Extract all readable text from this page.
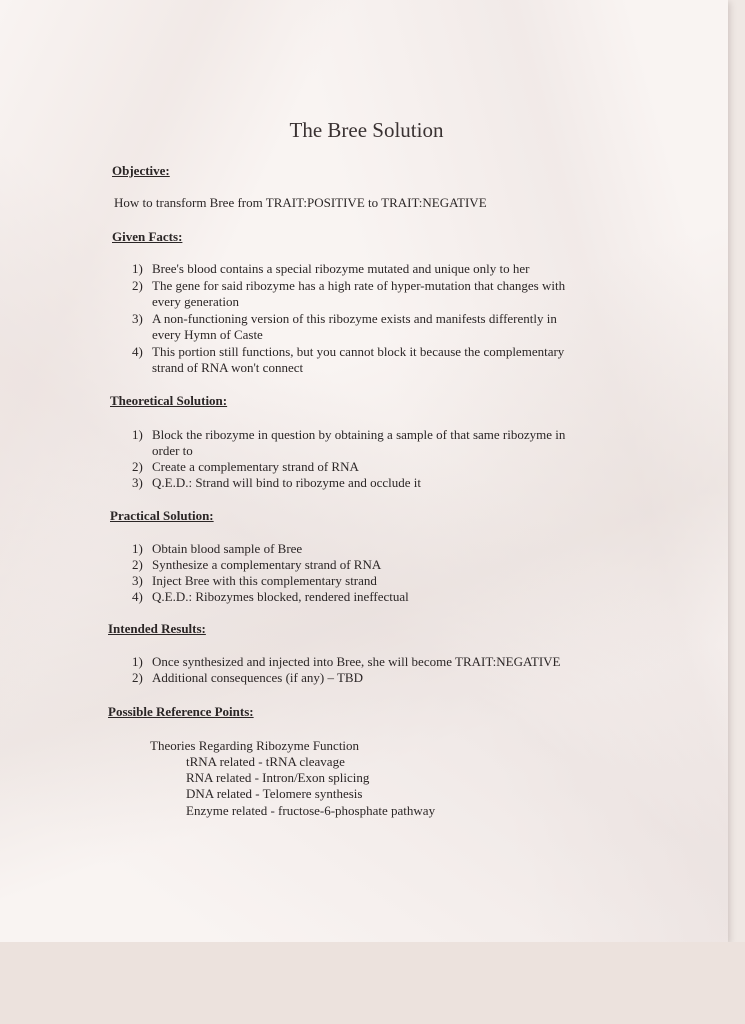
The Bree Solution
Objective:
How to transform Bree from TRAIT:POSITIVE to TRAIT:NEGATIVE
Given Facts:
1) Bree's blood contains a special ribozyme mutated and unique only to her
2) The gene for said ribozyme has a high rate of hyper-mutation that changes with
every generation
3) A non-functioning version of this ribozyme exists and manifests differently in
every Hymn of Caste
4) This portion still functions, but you cannot block it because the complementary
strand of RNA won't connect
Theoretical Solution:
1) Block the ribozyme in question by obtaining a sample of that same ribozyme in
order to
2) Create a complementary strand of RNA
3) Q.E.D.: Strand will bind to ribozyme and occlude it
Practical Solution:
1) Obtain blood sample of Bree
2) Synthesize a complementary strand of RNA
3) Inject Bree with this complementary strand
4) Q.E.D.: Ribozymes blocked, rendered ineffectual
Intended Results:
1) Once synthesized and injected into Bree, she will become TRAIT:NEGATIVE
2) Additional consequences (if any) – TBD
Possible Reference Points:
Theories Regarding Ribozyme Function
tRNA related - tRNA cleavage
RNA related - Intron/Exon splicing
DNA related - Telomere synthesis
Enzyme related - fructose-6-phosphate pathway
